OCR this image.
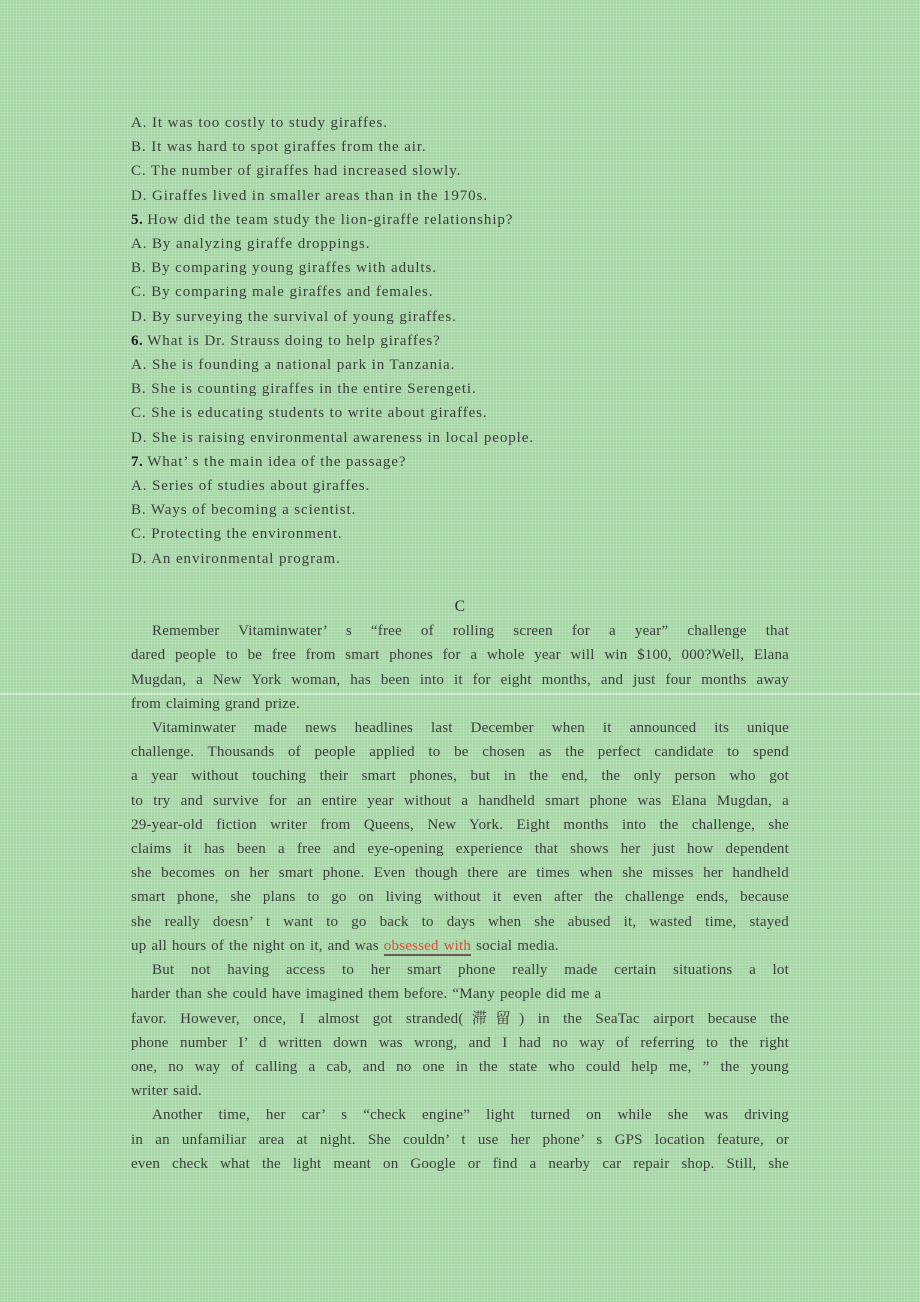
A. It was too costly to study giraffes.
B. It was hard to spot giraffes from the air.
C. The number of giraffes had increased slowly.
D. Giraffes lived in smaller areas than in the 1970s.
5. How did the team study the lion-giraffe relationship?
A. By analyzing giraffe droppings.
B. By comparing young giraffes with adults.
C. By comparing male giraffes and females.
D. By surveying the survival of young giraffes.
6. What is Dr. Strauss doing to help giraffes?
A. She is founding a national park in Tanzania.
B. She is counting giraffes in the entire Serengeti.
C. She is educating students to write about giraffes.
D. She is raising environmental awareness in local people.
7. What’ s the main idea of the passage?
A. Series of studies about giraffes.
B. Ways of becoming a scientist.
C. Protecting the environment.
D. An environmental program.
C
Remember Vitaminwater’ s “free of rolling screen for a year” challenge that
dared people to be free from smart phones for a whole year will win $100, 000?Well, Elana
Mugdan, a New York woman, has been into it for eight months, and just four months away
from claiming grand prize.
Vitaminwater made news headlines last December when it announced its unique
challenge. Thousands of people applied to be chosen as the perfect candidate to spend
a year without touching their smart phones, but in the end, the only person who got
to try and survive for an entire year without a handheld smart phone was Elana Mugdan, a
29-year-old fiction writer from Queens, New York. Eight months into the challenge, she
claims it has been a free and eye-opening experience that shows her just how dependent
she becomes on her smart phone. Even though there are times when she misses her handheld
smart phone, she plans to go on living without it even after the challenge ends, because
she really doesn’ t want to go back to days when she abused it, wasted time, stayed
up all hours of the night on it, and was obsessed with social media.
But not having access to her smart phone really made certain situations a lot
harder than she could have imagined them before. “Many people did me a
favor. However, once, I almost got stranded(滞留) in the SeaTac airport because the
phone number I’ d written down was wrong, and I had no way of referring to the right
one, no way of calling a cab, and no one in the state who could help me, ” the young
writer said.
Another time, her car’ s “check engine” light turned on while she was driving
in an unfamiliar area at night. She couldn’ t use her phone’ s GPS location feature, or
even check what the light meant on Google or find a nearby car repair shop. Still, she
